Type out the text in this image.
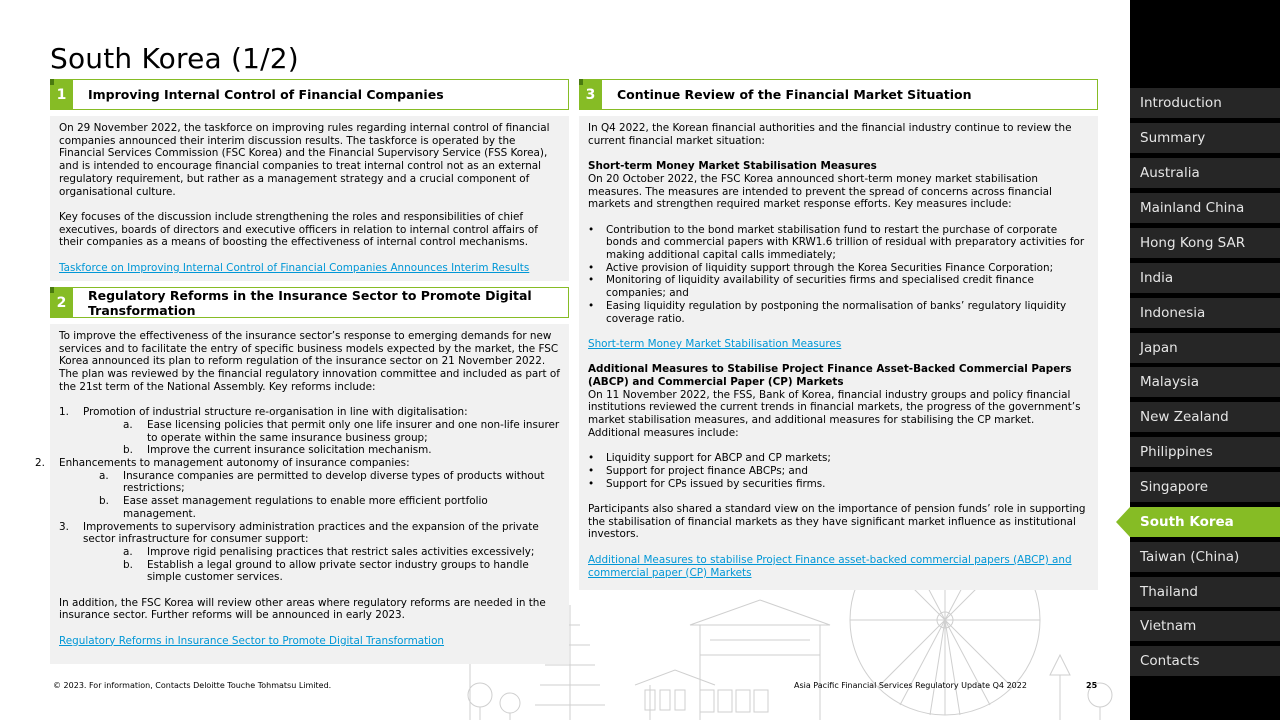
South Korea (1/2)
1	Improving Internal Control of Financial Companies

On 29 November 2022, the taskforce on improving rules regarding internal control of financial companies announced their interim discussion results. The taskforce is operated by the Financial Services Commission (FSC Korea) and the Financial Supervisory Service (FSS Korea), and is intended to encourage financial companies to treat internal control not as an external regulatory requirement, but rather as a management strategy and a crucial component of organisational culture.

Key focuses of the discussion include strengthening the roles and responsibilities of chief executives, boards of directors and executive officers in relation to internal control affairs of their companies as a means of boosting the effectiveness of internal control mechanisms.

Taskforce on Improving Internal Control of Financial Companies Announces Interim Results

2	Regulatory Reforms in the Insurance Sector to Promote Digital
Transformation

To improve the effectiveness of the insurance sector’s response to emerging demands for new services and to facilitate the entry of specific business models expected by the market, the FSC Korea announced its plan to reform regulation of the insurance sector on 21 November 2022. The plan was reviewed by the financial regulatory innovation committee and included as part of the 21st term of the National Assembly. Key reforms include:

1. Promotion of industrial structure re-organisation in line with digitalisation:
a. Ease licensing policies that permit only one life insurer and one non-life insurer to operate within the same insurance business group;
b. Improve the current insurance solicitation mechanism.
2. Enhancements to management autonomy of insurance companies:
a. Insurance companies are permitted to develop diverse types of products without restrictions;
b. Ease asset management regulations to enable more efficient portfolio management.
3. Improvements to supervisory administration practices and the expansion of the private sector infrastructure for consumer support:
a. Improve rigid penalising practices that restrict sales activities excessively;
b. Establish a legal ground to allow private sector industry groups to handle simple customer services.

In addition, the FSC Korea will review other areas where regulatory reforms are needed in the insurance sector. Further reforms will be announced in early 2023.

Regulatory Reforms in Insurance Sector to Promote Digital Transformation

3	Continue Review of the Financial Market Situation

In Q4 2022, the Korean financial authorities and the financial industry continue to review the current financial market situation:

Short-term Money Market Stabilisation Measures

On 20 October 2022, the FSC Korea announced short-term money market stabilisation measures. The measures are intended to prevent the spread of concerns across financial markets and strengthen required market response efforts. Key measures include:

• Contribution to the bond market stabilisation fund to restart the purchase of corporate bonds and commercial papers with KRW1.6 trillion of residual with preparatory activities for making additional capital calls immediately;
• Active provision of liquidity support through the Korea Securities Finance Corporation;
• Monitoring of liquidity availability of securities firms and specialised credit finance companies; and
• Easing liquidity regulation by postponing the normalisation of banks’ regulatory liquidity coverage ratio.

Short-term Money Market Stabilisation Measures

Additional Measures to Stabilise Project Finance Asset-Backed Commercial Papers (ABCP) and Commercial Paper (CP) Markets

On 11 November 2022, the FSS, Bank of Korea, financial industry groups and policy financial institutions reviewed the current trends in financial markets, the progress of the government’s market stabilisation measures, and additional measures for stabilising the CP market. Additional measures include:

• Liquidity support for ABCP and CP markets;
• Support for project finance ABCPs; and
• Support for CPs issued by securities firms.

Participants also shared a standard view on the importance of pension funds’ role in supporting the stabilisation of financial markets as they have significant market influence as institutional investors.

Additional Measures to stabilise Project Finance asset-backed commercial papers (ABCP) and commercial paper (CP) Markets

© 2023. For information, Contacts Deloitte Touche Tohmatsu Limited.	Asia Pacific Financial Services Regulatory Update Q4 2022	25
Introduction
Summary
Australia
Mainland China
Hong Kong SAR
India
Indonesia
Japan
Malaysia
New Zealand
Philippines
Singapore
Taiwan (China)
Thailand
Vietnam
Contacts
South Korea
